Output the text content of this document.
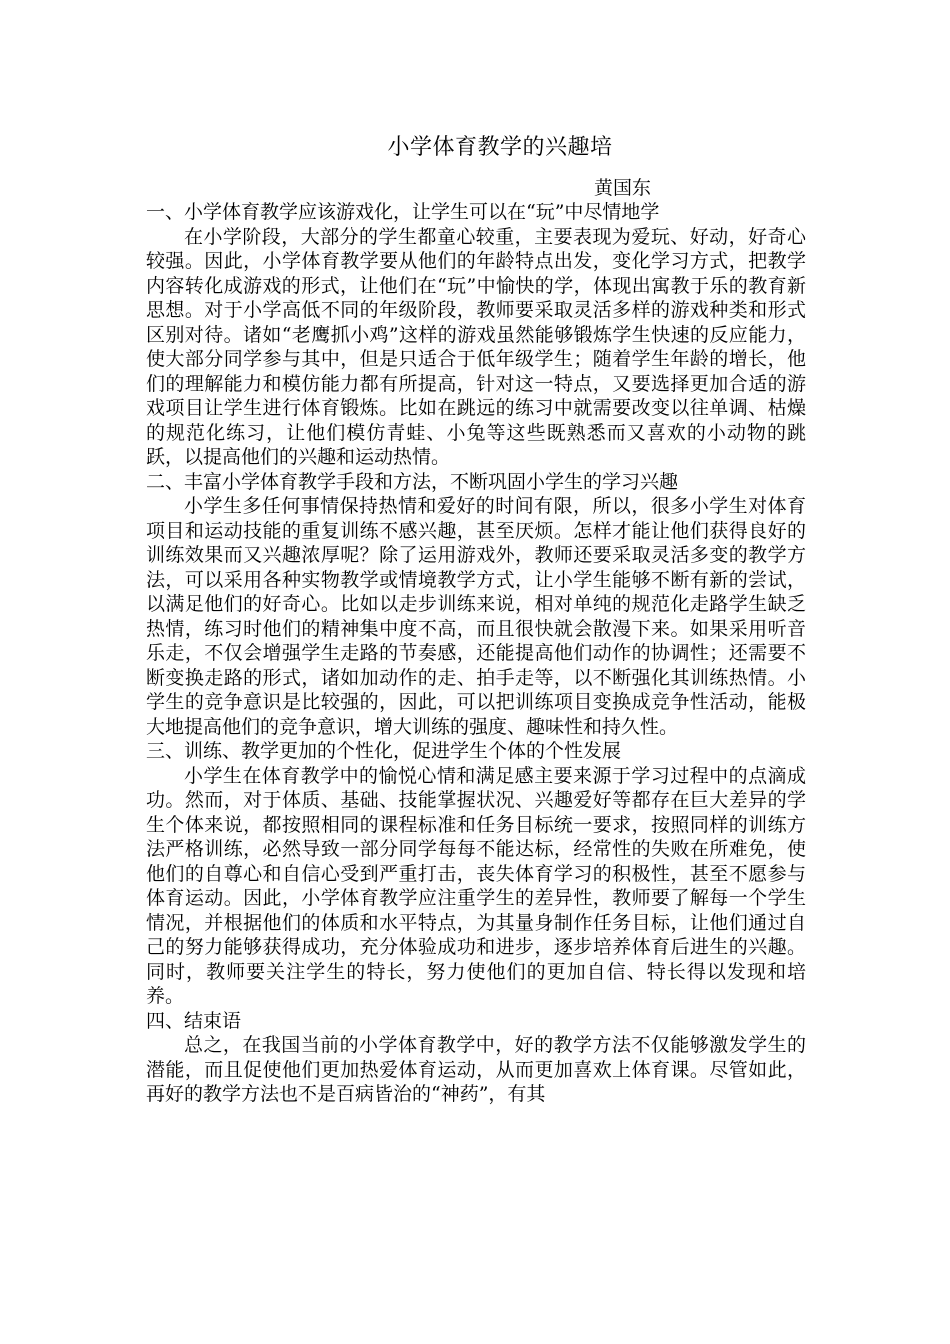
小学体育教学的兴趣培
黄国东
一、小学体育教学应该游戏化，让学生可以在“玩”中尽情地学

在小学阶段，大部分的学生都童心较重，主要表现为爱玩、好动，好奇心较强。因此，小学体育教学要从他们的年龄特点出发，变化学习方式，把教学内容转化成游戏的形式，让他们在“玩”中愉快的学，体现出寓教于乐的教育新思想。对于小学高低不同的年级阶段，教师要采取灵活多样的游戏种类和形式区别对待。诸如“老鹰抓小鸡”这样的游戏虽然能够锻炼学生快速的反应能力，使大部分同学参与其中，但是只适合于低年级学生；随着学生年龄的增长，他们的理解能力和模仿能力都有所提高，针对这一特点，又要选择更加合适的游戏项目让学生进行体育锻炼。比如在跳远的练习中就需要改变以往单调、枯燥的规范化练习，让他们模仿青蛙、小兔等这些既熟悉而又喜欢的小动物的跳跃，以提高他们的兴趣和运动热情。

二、丰富小学体育教学手段和方法，不断巩固小学生的学习兴趣

小学生多任何事情保持热情和爱好的时间有限，所以，很多小学生对体育项目和运动技能的重复训练不感兴趣，甚至厌烦。怎样才能让他们获得良好的训练效果而又兴趣浓厚呢？除了运用游戏外，教师还要采取灵活多变的教学方法，可以采用各种实物教学或情境教学方式，让小学生能够不断有新的尝试，以满足他们的好奇心。比如以走步训练来说，相对单纯的规范化走路学生缺乏热情，练习时他们的精神集中度不高，而且很快就会散漫下来。如果采用听音乐走，不仅会增强学生走路的节奏感，还能提高他们动作的协调性；还需要不断变换走路的形式，诸如加动作的走、拍手走等，以不断强化其训练热情。小学生的竞争意识是比较强的，因此，可以把训练项目变换成竞争性活动，能极大地提高他们的竞争意识，增大训练的强度、趣味性和持久性。

三、训练、教学更加的个性化，促进学生个体的个性发展

小学生在体育教学中的愉悦心情和满足感主要来源于学习过程中的点滴成功。然而，对于体质、基础、技能掌握状况、兴趣爱好等都存在巨大差异的学生个体来说，都按照相同的课程标准和任务目标统一要求，按照同样的训练方法严格训练，必然导致一部分同学每每不能达标，经常性的失败在所难免，使他们的自尊心和自信心受到严重打击，丧失体育学习的积极性，甚至不愿参与体育运动。因此，小学体育教学应注重学生的差异性，教师要了解每一个学生情况，并根据他们的体质和水平特点，为其量身制作任务目标，让他们通过自己的努力能够获得成功，充分体验成功和进步，逐步培养体育后进生的兴趣。同时，教师要关注学生的特长，努力使他们的更加自信、特长得以发现和培养。

四、结束语

总之，在我国当前的小学体育教学中，好的教学方法不仅能够激发学生的潜能，而且促使他们更加热爱体育运动，从而更加喜欢上体育课。尽管如此，再好的教学方法也不是百病皆治的“神药”，有其
